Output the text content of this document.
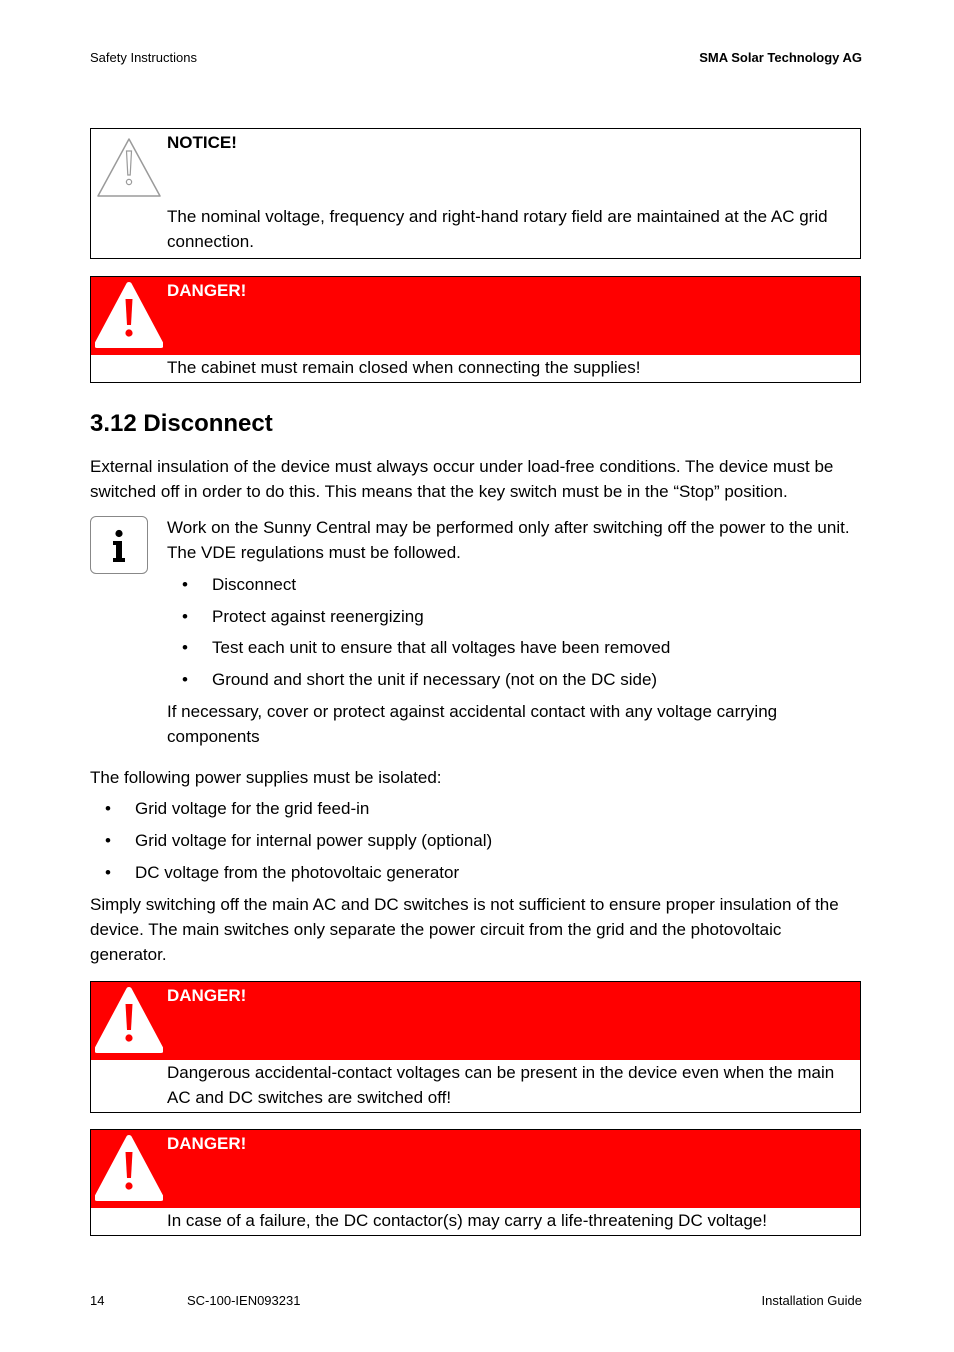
Safety Instructions	SMA Solar Technology AG
NOTICE!
The nominal voltage, frequency and right-hand rotary field are maintained at the AC grid connection.
DANGER!
The cabinet must remain closed when connecting the supplies!
3.12 Disconnect
External insulation of the device must always occur under load-free conditions. The device must be switched off in order to do this. This means that the key switch must be in the “Stop” position.
Work on the Sunny Central may be performed only after switching off the power to the unit. The VDE regulations must be followed.
• Disconnect
• Protect against reenergizing
• Test each unit to ensure that all voltages have been removed
• Ground and short the unit if necessary (not on the DC side)
If necessary, cover or protect against accidental contact with any voltage carrying components
The following power supplies must be isolated:
• Grid voltage for the grid feed-in
• Grid voltage for internal power supply (optional)
• DC voltage from the photovoltaic generator
Simply switching off the main AC and DC switches is not sufficient to ensure proper insulation of the device. The main switches only separate the power circuit from the grid and the photovoltaic generator.
DANGER!
Dangerous accidental-contact voltages can be present in the device even when the main AC and DC switches are switched off!
DANGER!
In case of a failure, the DC contactor(s) may carry a life-threatening DC voltage!
14	SC-100-IEN093231	Installation Guide
